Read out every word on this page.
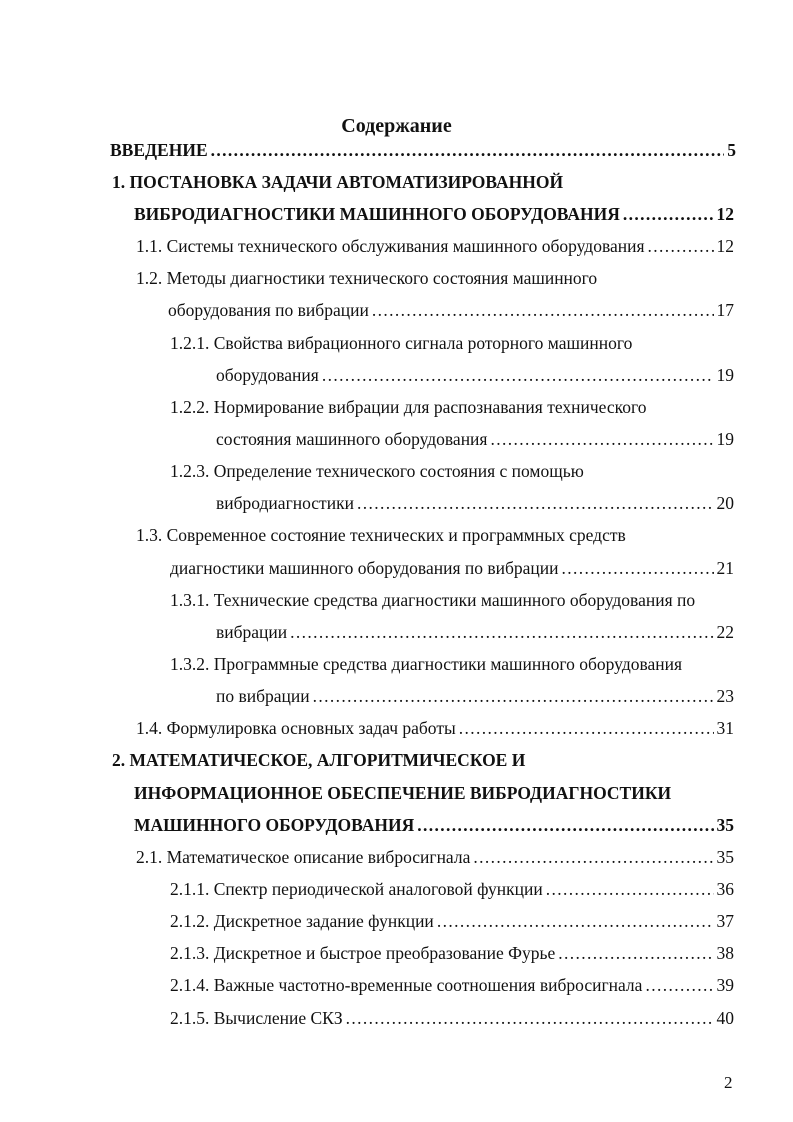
Содержание
ВВЕДЕНИЕ . . .	5
1. ПОСТАНОВКА ЗАДАЧИ АВТОМАТИЗИРОВАННОЙ
ВИБРОДИАГНОСТИКИ МАШИННОГО ОБОРУДОВАНИЯ . . .	12
1.1. Системы технического обслуживания машинного оборудования . . .	12
1.2. Методы диагностики технического состояния машинного
оборудования по вибрации . . .	17
1.2.1. Свойства вибрационного сигнала роторного машинного
оборудования . . .	19
1.2.2. Нормирование вибрации для распознавания технического
состояния машинного оборудования . . .	19
1.2.3. Определение технического состояния с помощью
вибродиагностики . . .	20
1.3. Современное состояние технических и программных средств
диагностики машинного оборудования по вибрации . . .	21
1.3.1. Технические средства диагностики машинного оборудования по
вибрации . . .	22
1.3.2. Программные средства диагностики машинного оборудования
по вибрации . . .	23
1.4. Формулировка основных задач работы . . .	31
2. МАТЕМАТИЧЕСКОЕ, АЛГОРИТМИЧЕСКОЕ И
ИНФОРМАЦИОННОЕ ОБЕСПЕЧЕНИЕ ВИБРОДИАГНОСТИКИ
МАШИННОГО ОБОРУДОВАНИЯ . . .	35
2.1. Математическое описание вибросигнала . . .	35
2.1.1. Спектр периодической аналоговой функции . . .	36
2.1.2. Дискретное задание функции . . .	37
2.1.3. Дискретное и быстрое преобразование Фурье . . .	38
2.1.4. Важные частотно-временные соотношения вибросигнала . . .	39
2.1.5. Вычисление СКЗ . . .	40
2
